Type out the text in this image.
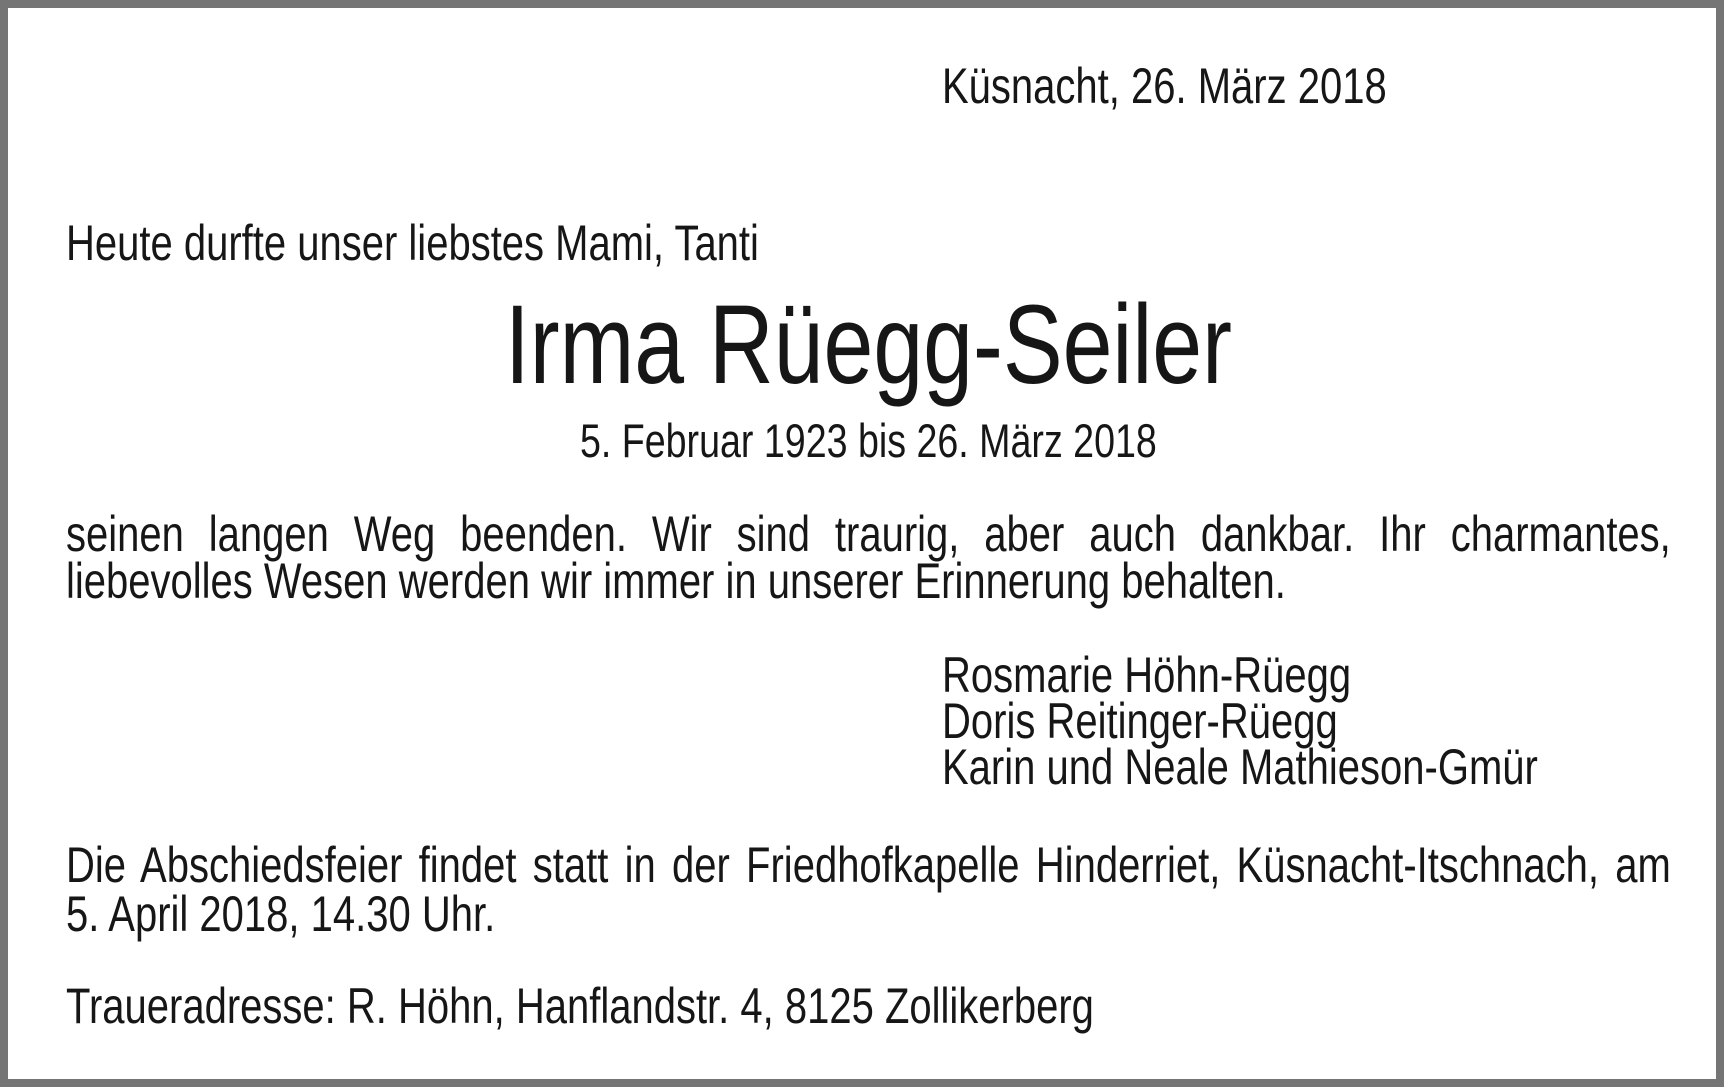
Küsnacht, 26. März 2018
Heute durfte unser liebstes Mami, Tanti
Irma Rüegg-Seiler
5. Februar 1923 bis 26. März 2018
seinen langen Weg beenden. Wir sind traurig, aber auch dankbar. Ihr charmantes,
liebevolles Wesen werden wir immer in unserer Erinnerung behalten.
Rosmarie Höhn-Rüegg
Doris Reitinger-Rüegg
Karin und Neale Mathieson-Gmür
Die Abschiedsfeier findet statt in der Friedhofkapelle Hinderriet, Küsnacht-Itschnach, am
5. April 2018, 14.30 Uhr.
Traueradresse: R. Höhn, Hanflandstr. 4, 8125 Zollikerberg
